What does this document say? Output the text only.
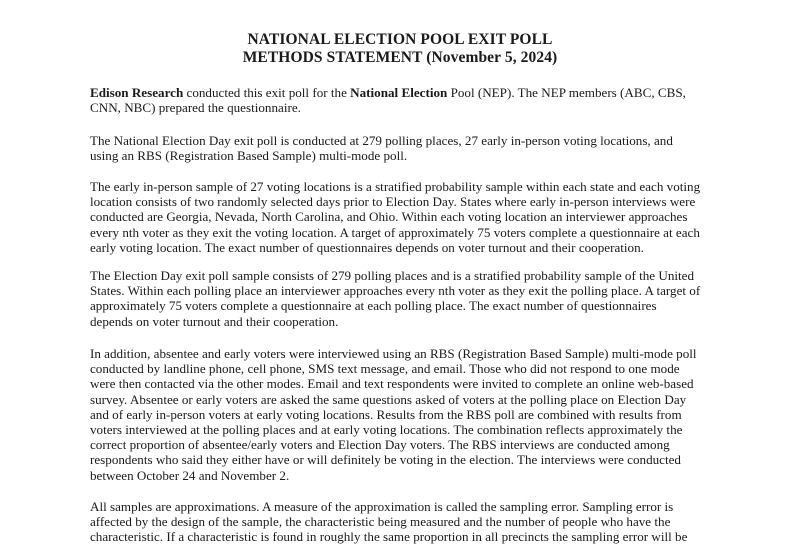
NATIONAL ELECTION POOL EXIT POLL
METHODS STATEMENT (November 5, 2024)

Edison Research conducted this exit poll for the National Election Pool (NEP). The NEP members (ABC, CBS,
CNN, NBC) prepared the questionnaire.

The National Election Day exit poll is conducted at 279 polling places, 27 early in-person voting locations, and
using an RBS (Registration Based Sample) multi-mode poll.

The early in-person sample of 27 voting locations is a stratified probability sample within each state and each voting
location consists of two randomly selected days prior to Election Day. States where early in-person interviews were
conducted are Georgia, Nevada, North Carolina, and Ohio. Within each voting location an interviewer approaches
every nth voter as they exit the voting location. A target of approximately 75 voters complete a questionnaire at each
early voting location. The exact number of questionnaires depends on voter turnout and their cooperation.

The Election Day exit poll sample consists of 279 polling places and is a stratified probability sample of the United
States. Within each polling place an interviewer approaches every nth voter as they exit the polling place. A target of
approximately 75 voters complete a questionnaire at each polling place. The exact number of questionnaires
depends on voter turnout and their cooperation.

In addition, absentee and early voters were interviewed using an RBS (Registration Based Sample) multi-mode poll
conducted by landline phone, cell phone, SMS text message, and email. Those who did not respond to one mode
were then contacted via the other modes. Email and text respondents were invited to complete an online web-based
survey. Absentee or early voters are asked the same questions asked of voters at the polling place on Election Day
and of early in-person voters at early voting locations. Results from the RBS poll are combined with results from
voters interviewed at the polling places and at early voting locations. The combination reflects approximately the
correct proportion of absentee/early voters and Election Day voters. The RBS interviews are conducted among
respondents who said they either have or will definitely be voting in the election. The interviews were conducted
between October 24 and November 2.

All samples are approximations. A measure of the approximation is called the sampling error. Sampling error is
affected by the design of the sample, the characteristic being measured and the number of people who have the
characteristic. If a characteristic is found in roughly the same proportion in all precincts the sampling error will be
